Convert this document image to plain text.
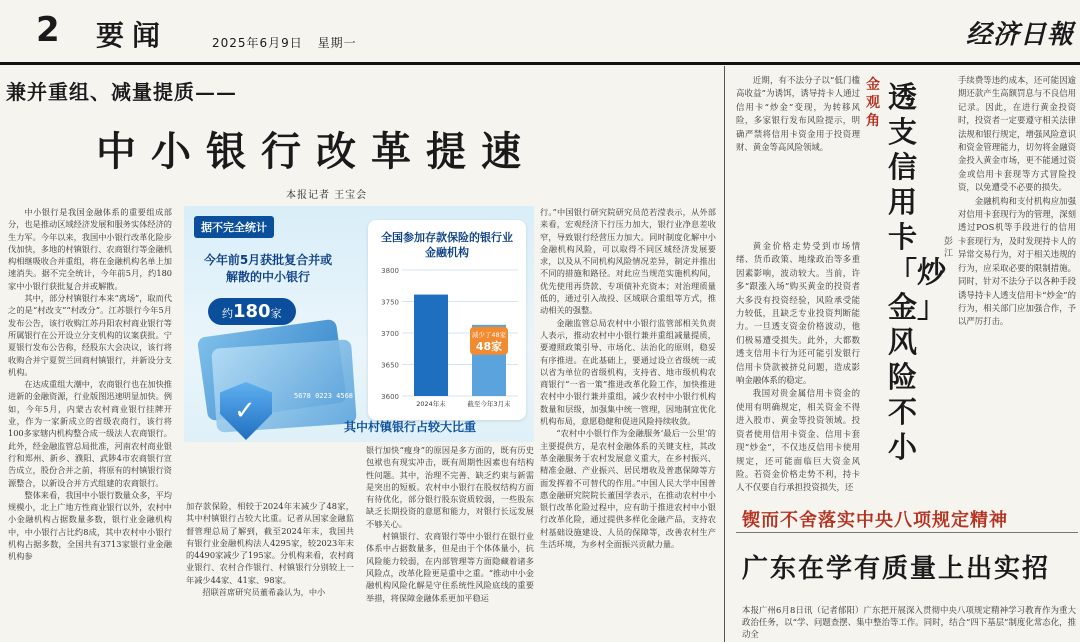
2 要闻	2025年6月9日 星期一	经济日報
兼并重组、减量提质——
中小银行改革提速
本报记者 王宝会

中小银行是我国金融体系的重要组成部分，也是推动区域经济发展和服务实体经济的生力军。今年以来，我国中小银行改革化险步伐加快，多地的村镇银行、农商银行等金融机构相继吸收合并重组，将在金融机构名单上加速消失。据不完全统计，今年前5月，约180家中小银行获批复合并或解散。

其中，部分村镇银行本来“离场”，取而代之的是“村改支”“村改分”。江苏银行今年5月发布公告，该行收购江苏丹阳农村商业银行等所属银行在公开设立分支机构的议案获批。宁夏银行发布公告称，经股东大会决议，该行将收购合并宁夏贺兰回商村镇银行，并新设分支机构。

在达成重组大潮中，农商银行也在加快推进新的金融资源，行业版图迅速明显加快。例如，今年5月，内蒙古农村商业银行挂牌开业，作为一家新成立的省级农商行，该行将100多家辖内机构整合成一级法人农商银行。此外，经金融监管总局批准，河南农村商业银行和郑州、新乡、濮阳、武陟4市农商银行宣告成立，股份合并之前，将原有的村镇银行资源整合，以新设合并方式组建的农商银行。

整体来看，我国中小银行数量众多，平均规模小，北上广地方性商业银行以外，农村中小金融机构占据数量多数，银行业金融机构中，中小银行占比约8成，其中农村中小银行机构占据多数，全国共有3713家银行业金融机构参

据不完全统计
今年前5月获批复合并或解散的中小银行
约180家
5678 0223 4568
✓
全国参加存款保险的银行业金融机构
3800
3750
3700
3650
3600
2024年末	截至今年3月末
减少了48家
48家
其中村镇银行占较大比重

加存款保险，相较于2024年末减少了48家，其中村镇银行占较大比重。记者从国家金融监督管理总局了解到，截至2024年末，我国共有银行业金融机构法人4295家，较2023年末的4490家减少了195家。分机构来看，农村商业银行、农村合作银行、村镇银行分别较上一年减少44家、41家、98家。

招联首席研究员董希淼认为，中小

银行加快“瘦身”的原因是多方面的，既有历史包袱也有现实冲击，既有周期性因素也有结构性问题。其中，治理不完善、缺乏约束与新需是突出的短板。农村中小银行在股权结构方面有待优化，部分银行股东资质较弱，一些股东缺乏长期投资的意愿和能力，对银行长远发展不够关心。

村镇银行、农商银行等中小银行在银行业体系中占据数量多，但是由于个体体量小，抗风险能力较弱，在内部管理等方面隐藏着诸多风险点，改革化险更是重中之重。“推动中小金融机构风险化解是守住系统性风险底线的重要举措，将保障金融体系更加平稳运

行。”中国银行研究院研究员范若滢表示，从外部来看，宏观经济下行压力加大，银行业净息差收窄，导致银行经营压力加大。同时制度化解中小金融机构风险，可以取得不同区域经济发展要求，以及从不同机构风险情况差异，制定并推出不同的措施和路径。对此应当规范实施机构间，优先使用再贷款、专项债补充资本；对治理质量低的，通过引入战投、区域联合重组等方式，推动相关的强整。

金融监管总局农村中小银行监管部相关负责人表示，推动农村中小银行兼并重组减量提质，要遵照政策引导、市场化、法治化的原则，稳妥有序推进。在此基础上，要通过设立省级统一或以省为单位的省级机构，支持省、地市级机构农商银行“一省一策”推进改革化险工作，加快推进农村中小银行兼并重组，减少农村中小银行机构数量和层级，加强集中统一管理，因地制宜优化机构布局，意愿稳健和促进风险持续收敛。

“农村中小银行作为金融服务‘最后一公里’的主要提供方，是农村金融体系的关键支柱，其改革金融服务于农村发展意义重大，在乡村振兴、精准金融、产业振兴、居民增收及普惠保障等方面发挥着不可替代的作用。”中国人民大学中国普惠金融研究院院长董国学表示，在推动农村中小银行改革化险过程中，应有助于推进农村中小银行改革化险，通过提供多样化金融产品，支持农村基础设施建设、人员的保障等，改善农村生产生活环境，为乡村全面振兴贡献力量。

近期，有不法分子以“低门槛高收益”为诱饵，诱导持卡人通过信用卡“炒金”变现，为转移风险，多家银行发布风险提示，明确严禁将信用卡资金用于投资理财、黄金等高风险领域。

黄金价格走势受到市场情绪、货币政策、地缘政治等多重因素影响，波动较大。当前，许多“跟涨入场”购买黄金的投资者大多没有投资经验，风险承受能力较低，且缺乏专业投资判断能力。一旦透支资金价格波动，他们极易遭受损失。此外，大都数透支信用卡行为还可能引发银行信用卡贷款被挤兑问题，造成影响金融体系的稳定。

我国对贵金属信用卡资金的使用有明确规定，相关资金不得进入股市、黄金等投资领域。投资者使用信用卡资金、信用卡套现“炒金”，不仅违反信用卡使用规定，还可能面临巨大资金风险。若资金价格走势不利，持卡人不仅要自行承担投资损失，还

金观角
透支信用卡「炒金」风险不小
彭江

手续费等违约成本，还可能因逾期还款产生高额罚息与不良信用记录。因此，在进行黄金投资时，投资者一定要遵守相关法律法规和银行规定，增强风险意识和资金管理能力，切勿将金融资金投入黄金市场，更不能通过资金或信用卡套现等方式冒险投资，以免遭受不必要的损失。

金融机构和支付机构应加强对信用卡套现行为的管理，深刻透过POS机等手段进行的信用卡套现行为，及时发现持卡人的异常交易行为，对于相关违规的行为，应采取必要的限制措施。同时，针对不法分子以各种手段诱导持卡人透支信用卡“炒金”的行为，相关部门应加强合作，予以严厉打击。

锲而不舍落实中央八项规定精神
广东在学有质量上出实招
本报广州6月8日讯（记者郁阳）广东把开展深入贯彻中央八项规定精神学习教育作为重大政治任务，以“学、问题查摆、集中整治等工作。同时，结合“四下基层”制度化常态化，推动全
